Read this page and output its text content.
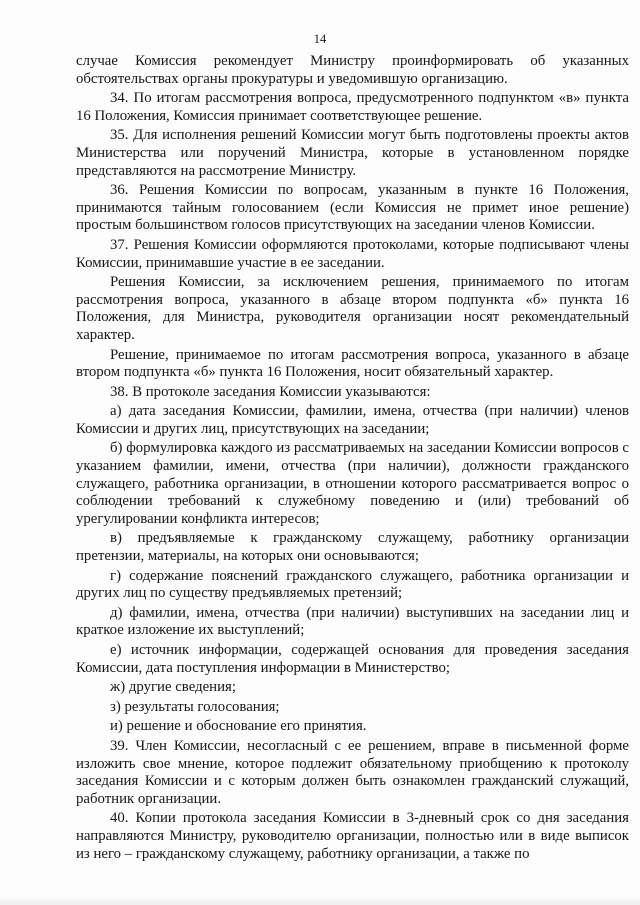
14

случае Комиссия рекомендует Министру проинформировать об указанных обстоятельствах органы прокуратуры и уведомившую организацию.

34. По итогам рассмотрения вопроса, предусмотренного подпунктом «в» пункта 16 Положения, Комиссия принимает соответствующее решение.

35. Для исполнения решений Комиссии могут быть подготовлены проекты актов Министерства или поручений Министра, которые в установленном порядке представляются на рассмотрение Министру.

36. Решения Комиссии по вопросам, указанным в пункте 16 Положения, принимаются тайным голосованием (если Комиссия не примет иное решение) простым большинством голосов присутствующих на заседании членов Комиссии.

37. Решения Комиссии оформляются протоколами, которые подписывают члены Комиссии, принимавшие участие в ее заседании.

Решения Комиссии, за исключением решения, принимаемого по итогам рассмотрения вопроса, указанного в абзаце втором подпункта «б» пункта 16 Положения, для Министра, руководителя организации носят рекомендательный характер.

Решение, принимаемое по итогам рассмотрения вопроса, указанного в абзаце втором подпункта «б» пункта 16 Положения, носит обязательный характер.

38. В протоколе заседания Комиссии указываются:

а) дата заседания Комиссии, фамилии, имена, отчества (при наличии) членов Комиссии и других лиц, присутствующих на заседании;

б) формулировка каждого из рассматриваемых на заседании Комиссии вопросов с указанием фамилии, имени, отчества (при наличии), должности гражданского служащего, работника организации, в отношении которого рассматривается вопрос о соблюдении требований к служебному поведению и (или) требований об урегулировании конфликта интересов;

в) предъявляемые к гражданскому служащему, работнику организации претензии, материалы, на которых они основываются;

г) содержание пояснений гражданского служащего, работника организации и других лиц по существу предъявляемых претензий;

д) фамилии, имена, отчества (при наличии) выступивших на заседании лиц и краткое изложение их выступлений;

е) источник информации, содержащей основания для проведения заседания Комиссии, дата поступления информации в Министерство;

ж) другие сведения;

з) результаты голосования;

и) решение и обоснование его принятия.

39. Член Комиссии, несогласный с ее решением, вправе в письменной форме изложить свое мнение, которое подлежит обязательному приобщению к протоколу заседания Комиссии и с которым должен быть ознакомлен гражданский служащий, работник организации.

40. Копии протокола заседания Комиссии в 3-дневный срок со дня заседания направляются Министру, руководителю организации, полностью или в виде выписок из него – гражданскому служащему, работнику организации, а также по
